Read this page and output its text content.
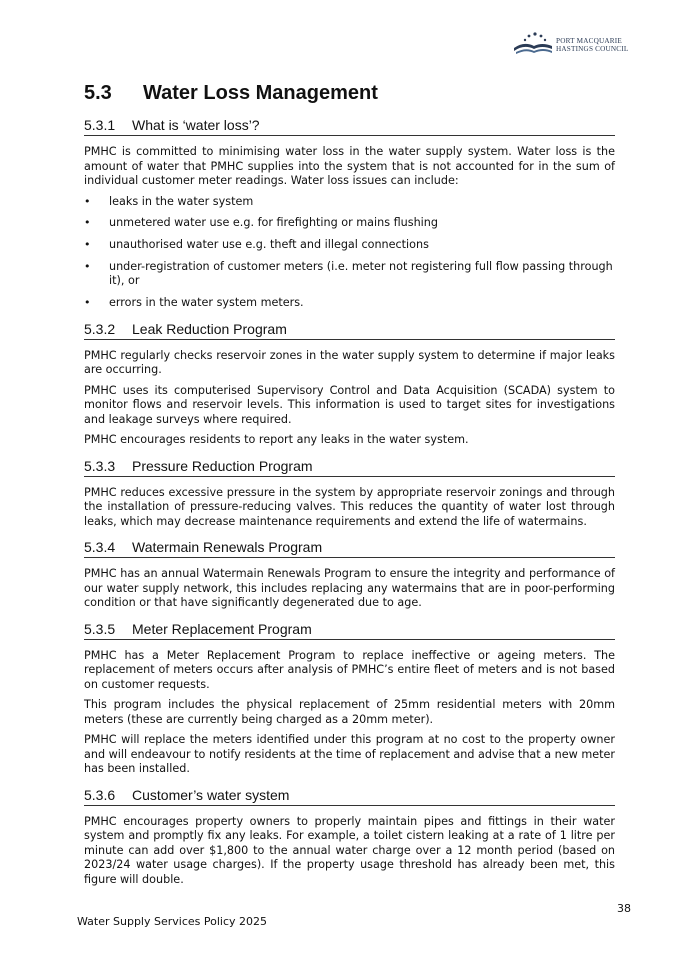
PORT MACQUARIE
HASTINGS COUNCIL
5.3	Water Loss Management
5.3.1	What is ‘water loss’?

PMHC is committed to minimising water loss in the water supply system. Water loss is the amount of water that PMHC supplies into the system that is not accounted for in the sum of individual customer meter readings. Water loss issues can include:

•	leaks in the water system
•	unmetered water use e.g. for firefighting or mains flushing
•	unauthorised water use e.g. theft and illegal connections
•	under-registration of customer meters (i.e. meter not registering full flow passing through it), or
•	errors in the water system meters.
5.3.2	Leak Reduction Program

PMHC regularly checks reservoir zones in the water supply system to determine if major leaks are occurring.

PMHC uses its computerised Supervisory Control and Data Acquisition (SCADA) system to monitor flows and reservoir levels. This information is used to target sites for investigations and leakage surveys where required.

PMHC encourages residents to report any leaks in the water system.

5.3.3	Pressure Reduction Program

PMHC reduces excessive pressure in the system by appropriate reservoir zonings and through the installation of pressure-reducing valves. This reduces the quantity of water lost through leaks, which may decrease maintenance requirements and extend the life of watermains.

5.3.4	Watermain Renewals Program

PMHC has an annual Watermain Renewals Program to ensure the integrity and performance of our water supply network, this includes replacing any watermains that are in poor-performing condition or that have significantly degenerated due to age.

5.3.5	Meter Replacement Program

PMHC has a Meter Replacement Program to replace ineffective or ageing meters. The replacement of meters occurs after analysis of PMHC’s entire fleet of meters and is not based on customer requests.

This program includes the physical replacement of 25mm residential meters with 20mm meters (these are currently being charged as a 20mm meter).

PMHC will replace the meters identified under this program at no cost to the property owner and will endeavour to notify residents at the time of replacement and advise that a new meter has been installed.

5.3.6	Customer’s water system

PMHC encourages property owners to properly maintain pipes and fittings in their water system and promptly fix any leaks. For example, a toilet cistern leaking at a rate of 1 litre per minute can add over $1,800 to the annual water charge over a 12 month period (based on 2023/24 water usage charges). If the property usage threshold has already been met, this figure will double.

38
Water Supply Services Policy 2025
